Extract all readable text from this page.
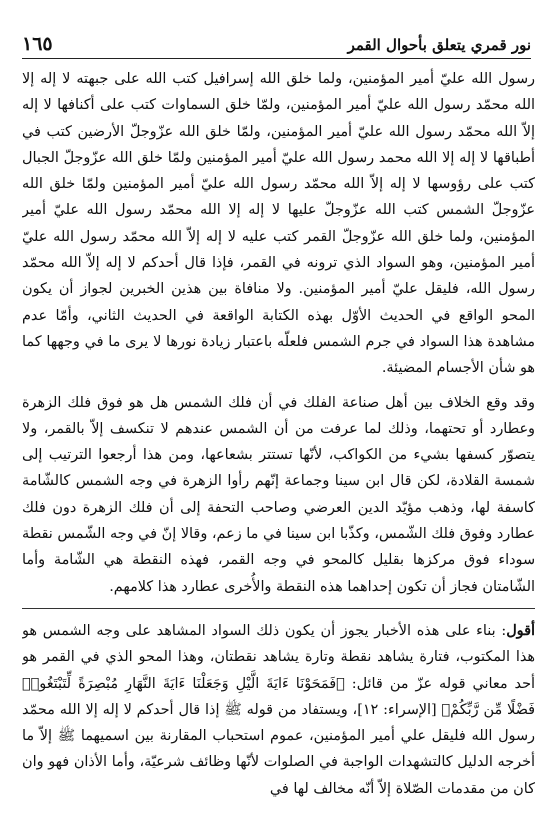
نور قمري يتعلق بأحوال القمر
١٦٥

رسول الله عليّ أمير المؤمنين، ولما خلق الله إسرافيل كتب الله على جبهته لا إله إلا الله محمّد رسول الله عليّ أمير المؤمنين، ولمّا خلق السماوات كتب على أكنافها لا إله إلاّ الله محمّد رسول الله عليّ أمير المؤمنين، ولمّا خلق الله عزّوجلّ الأرضين كتب في أطباقها لا إله إلا الله محمد رسول الله عليّ أمير المؤمنين ولمّا خلق الله عزّوجلّ الجبال كتب على رؤوسها لا إله إلاّ الله محمّد رسول الله عليّ أمير المؤمنين ولمّا خلق الله عزّوجلّ الشمس كتب الله عزّوجلّ عليها لا إله إلا الله محمّد رسول الله عليّ أمير المؤمنين، ولما خلق الله عزّوجلّ القمر كتب عليه لا إله إلاّ الله محمّد رسول الله عليّ أمير المؤمنين، وهو السواد الذي ترونه في القمر، فإذا قال أحدكم لا إله إلاّ الله محمّد رسول الله، فليقل عليّ أمير المؤمنين. ولا منافاة بين هذين الخبرين لجواز أن يكون المحو الواقع في الحديث الأوّل بهذه الكتابة الواقعة في الحديث الثاني، وأمّا عدم مشاهدة هذا السواد في جرم الشمس فلعلّه باعتبار زيادة نورها لا يرى ما في وجهها كما هو شأن الأجسام المضيئة.

وقد وقع الخلاف بين أهل صناعة الفلك في أن فلك الشمس هل هو فوق فلك الزهرة وعطارد أو تحتهما، وذلك لما عرفت من أن الشمس عندهم لا تنكسف إلاّ بالقمر، ولا يتصوّر كسفها بشيء من الكواكب، لأنّها تستتر بشعاعها، ومن هذا أرجعوا الترتيب إلى شمسة القلادة، لكن قال ابن سينا وجماعة إنّهم رأوا الزهرة في وجه الشمس كالشّامة كاسفة لها، وذهب مؤيّد الدين العرضي وصاحب التحفة إلى أن فلك الزهرة دون فلك عطارد وفوق فلك الشّمس، وكذّبا ابن سينا في ما زعم، وقالا إنّ في وجه الشّمس نقطة سوداء فوق مركزها بقليل كالمحو في وجه القمر، فهذه النقطة هي الشّامة وأما الشّامتان فجاز أن تكون إحداهما هذه النقطة والأُخرى عطارد هذا كلامهم.

أقول: بناء على هذه الأخبار يجوز أن يكون ذلك السواد المشاهد على وجه الشمس هو هذا المكتوب، فتارة يشاهد نقطة وتارة يشاهد نقطتان، وهذا المحو الذي في القمر هو أحد معاني قوله عزّ من قائل: ﴿فَمَحَوْنَا ءَايَةَ الَّيْلِ وَجَعَلْنَا ءَايَةَ النَّهَارِ مُبْصِرَةً لِّتَبْتَغُوا۟ فَضْلًا مِّن رَّبِّكُمْ﴾ [الإسراء: ١٢]، ويستفاد من قوله ﷺ إذا قال أحدكم لا إله إلا الله محمّد رسول الله فليقل علي أمير المؤمنين، عموم استحباب المقارنة بين اسميهما ﷺ إلاّ ما أخرجه الدليل كالتشهدات الواجبة في الصلوات لأنّها وظائف شرعيّة، وأما الأذان فهو وان كان من مقدمات الصّلاة إلاّ أنّه مخالف لها في
